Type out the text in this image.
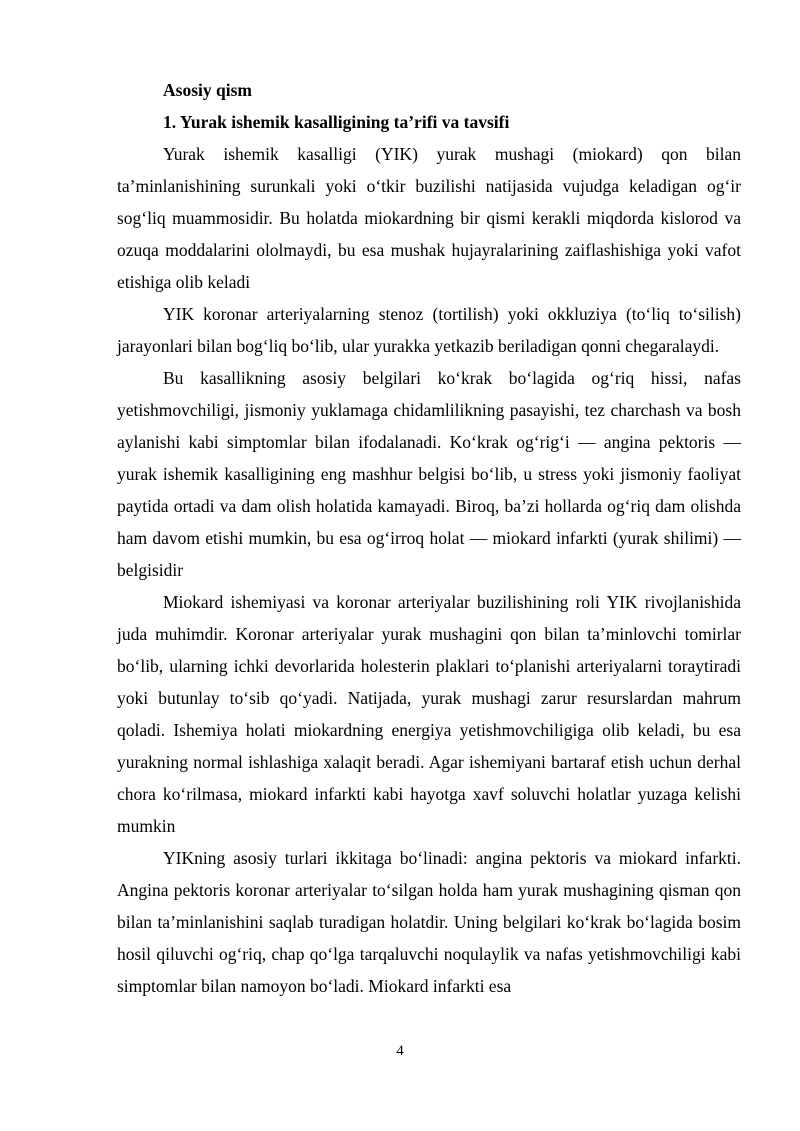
Asosiy qism

1. Yurak ishemik kasalligining ta’rifi va tavsifi

Yurak ishemik kasalligi (YIK) yurak mushagi (miokard) qon bilan ta’minlanishining surunkali yoki o‘tkir buzilishi natijasida vujudga keladigan og‘ir sog‘liq muammosidir. Bu holatda miokardning bir qismi kerakli miqdorda kislorod va ozuqa moddalarini ololmaydi, bu esa mushak hujayralarining zaiflashishiga yoki vafot etishiga olib keladi

YIK koronar arteriyalarning stenoz (tortilish) yoki okkluziya (to‘liq to‘silish) jarayonlari bilan bog‘liq bo‘lib, ular yurakka yetkazib beriladigan qonni chegaralaydi.

Bu kasallikning asosiy belgilari ko‘krak bo‘lagida og‘riq hissi, nafas yetishmovchiligi, jismoniy yuklamaga chidamlilikning pasayishi, tez charchash va bosh aylanishi kabi simptomlar bilan ifodalanadi. Ko‘krak og‘rig‘i — angina pektoris — yurak ishemik kasalligining eng mashhur belgisi bo‘lib, u stress yoki jismoniy faoliyat paytida ortadi va dam olish holatida kamayadi. Biroq, ba’zi hollarda og‘riq dam olishda ham davom etishi mumkin, bu esa og‘irroq holat — miokard infarkti (yurak shilimi) — belgisidir

Miokard ishemiyasi va koronar arteriyalar buzilishining roli YIK rivojlanishida juda muhimdir. Koronar arteriyalar yurak mushagini qon bilan ta’minlovchi tomirlar bo‘lib, ularning ichki devorlarida holesterin plaklari to‘planishi arteriyalarni toraytiradi yoki butunlay to‘sib qo‘yadi. Natijada, yurak mushagi zarur resurslardan mahrum qoladi. Ishemiya holati miokardning energiya yetishmovchiligiga olib keladi, bu esa yurakning normal ishlashiga xalaqit beradi. Agar ishemiyani bartaraf etish uchun derhal chora ko‘rilmasa, miokard infarkti kabi hayotga xavf soluvchi holatlar yuzaga kelishi mumkin

YIKning asosiy turlari ikkitaga bo‘linadi: angina pektoris va miokard infarkti. Angina pektoris koronar arteriyalar to‘silgan holda ham yurak mushagining qisman qon bilan ta’minlanishini saqlab turadigan holatdir. Uning belgilari ko‘krak bo‘lagida bosim hosil qiluvchi og‘riq, chap qo‘lga tarqaluvchi noqulaylik va nafas yetishmovchiligi kabi simptomlar bilan namoyon bo‘ladi. Miokard infarkti esa

4
